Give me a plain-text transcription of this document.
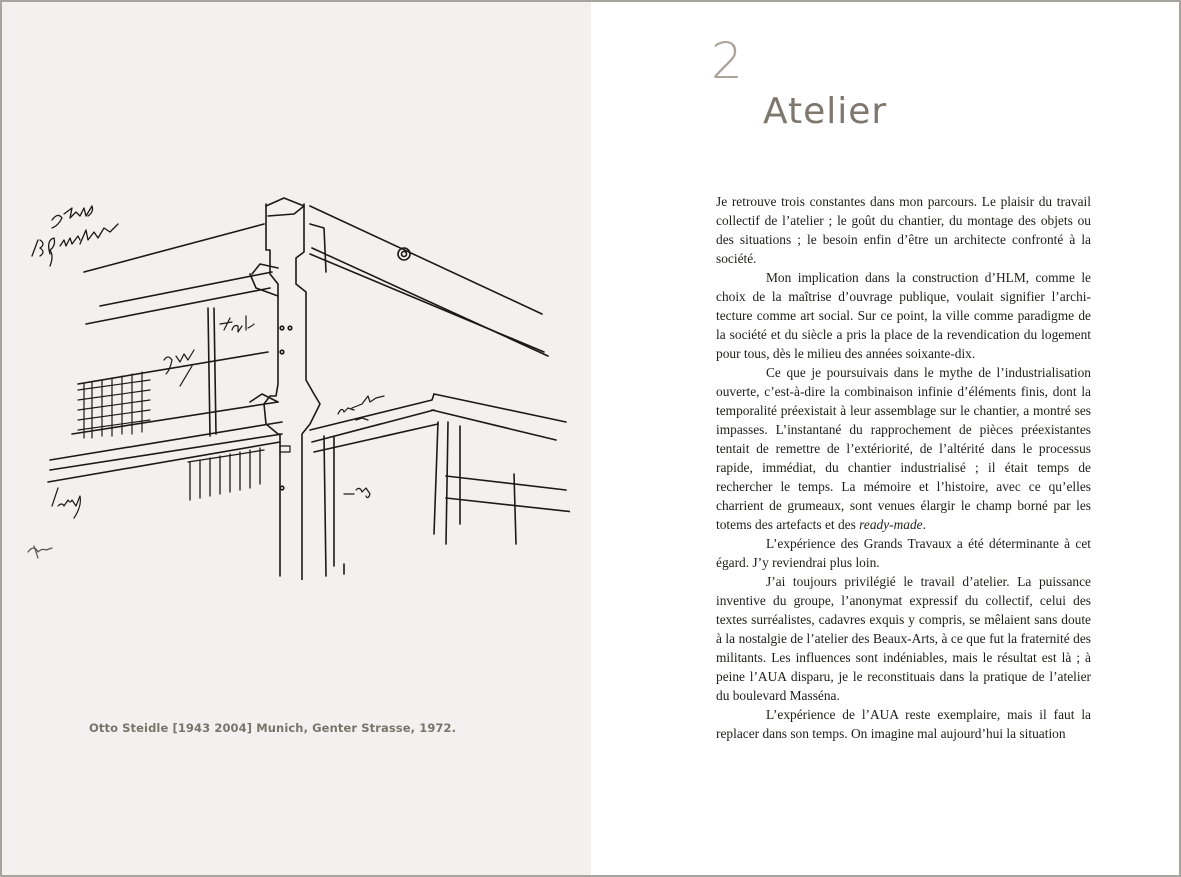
Otto Steidle [1943 2004] Munich, Genter Strasse, 1972.
2
Atelier

Je retrouve trois constantes dans mon parcours. Le plaisir du travail collectif de l’atelier ; le goût du chantier, du montage des objets ou des situations ; le besoin enfin d’être un architecte confronté à la société.

Mon implication dans la construction d’HLM, comme le choix de la maîtrise d’ouvrage publique, voulait signifier l’architecture comme art social. Sur ce point, la ville comme paradigme de la société et du siècle a pris la place de la revendication du logement pour tous, dès le milieu des années soixante-dix.

Ce que je poursuivais dans le mythe de l’industrialisation ouverte, c’est-à-dire la combinaison infinie d’éléments finis, dont la temporalité préexistait à leur assemblage sur le chantier, a montré ses impasses. L’instantané du rapprochement de pièces préexistantes tentait de remettre de l’extériorité, de l’altérité dans le processus rapide, immédiat, du chantier industrialisé ; il était temps de rechercher le temps. La mémoire et l’histoire, avec ce qu’elles charrient de grumeaux, sont venues élargir le champ borné par les totems des artefacts et des ready-made.

L’expérience des Grands Travaux a été déterminante à cet égard. J’y reviendrai plus loin.

J’ai toujours privilégié le travail d’atelier. La puissance inventive du groupe, l’anonymat expressif du collectif, celui des textes surréalistes, cadavres exquis y compris, se mêlaient sans doute à la nostalgie de l’atelier des Beaux-Arts, à ce que fut la fraternité des militants. Les influences sont indéniables, mais le résultat est là ; à peine l’AUA disparu, je le reconstituais dans la pratique de l’atelier du boulevard Masséna.

L’expérience de l’AUA reste exemplaire, mais il faut la replacer dans son temps. On imagine mal aujourd’hui la situation
